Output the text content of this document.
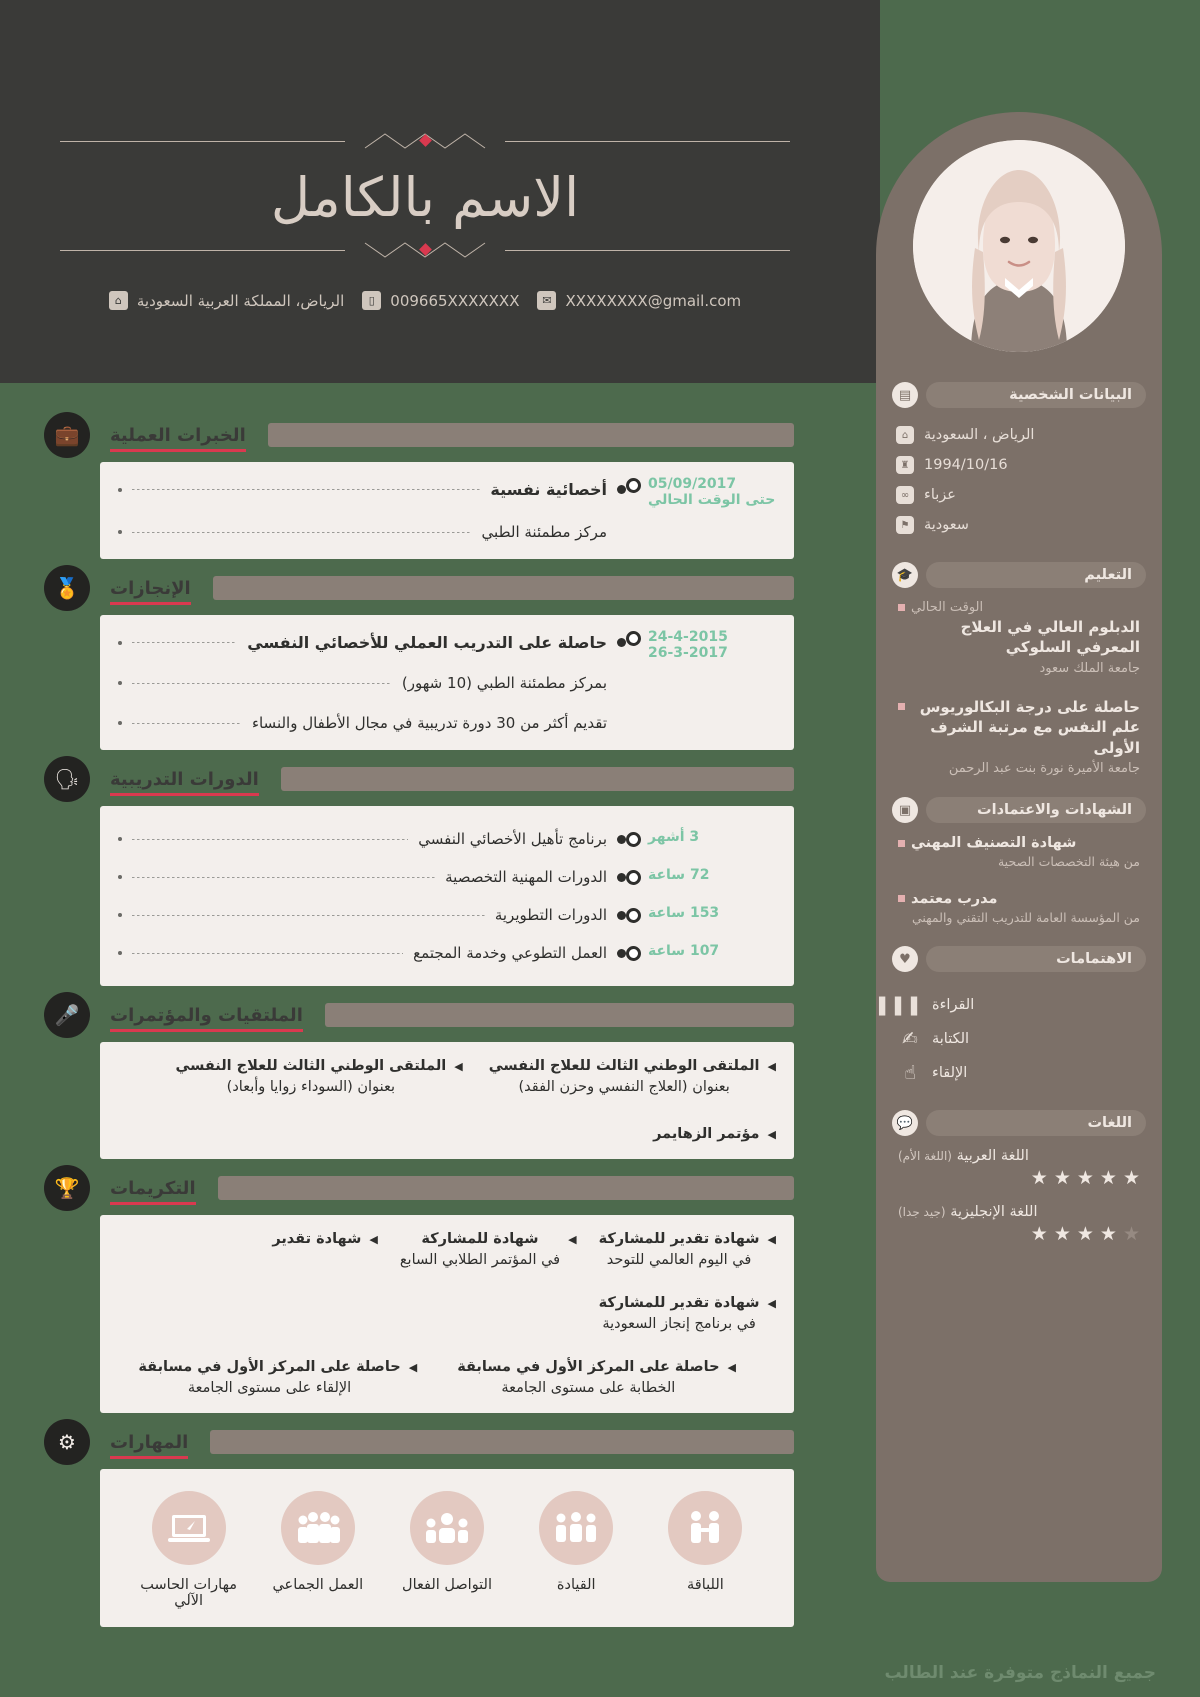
الاسم بالكامل
XXXXXXXX@gmail.com
✉
009665XXXXXXX
▯
الرياض، المملكة العربية السعودية
⌂
البيانات الشخصية
▤
الرياض ، السعودية
⌂
1994/10/16
♜
عزباء
∞
سعودية
⚑
التعليم
🎓
الوقت الحالي
الدبلوم العالي في العلاج المعرفي السلوكي
جامعة الملك سعود
حاصلة على درجة البكالوريوس علم النفس مع مرتبة الشرف الأولى
جامعة الأميرة نورة بنت عبد الرحمن
الشهادات والاعتمادات
▣
شهادة التصنيف المهني
من هيئة التخصصات الصحية
مدرب معتمد
من المؤسسة العامة للتدريب التقني والمهني
الاهتمامات
♥
القراءة
❚❚❚
الكتابة
✍
الإلقاء
☝
اللغات
💬
اللغة العربية (اللغة الأم)
★
★
★
★
★
اللغة الإنجليزية (جيد جدا)
★
★
★
★
★
الخبرات العملية
💼
05/09/2017
حتى الوقت الحالي
أخصائية نفسية
مركز مطمئنة الطبي
الإنجازات
🏅
24-4-2015
26-3-2017
حاصلة على التدريب العملي للأخصائي النفسي
بمركز مطمئنة الطبي (10 شهور)
تقديم أكثر من 30 دورة تدريبية في مجال الأطفال والنساء
الدورات التدريبية
🗣
3 أشهر
برنامج تأهيل الأخصائي النفسي
72 ساعة
الدورات المهنية التخصصية
153 ساعة
الدورات التطويرية
107 ساعة
العمل التطوعي وخدمة المجتمع
الملتقيات والمؤتمرات
🎤
◀
الملتقى الوطني الثالث للعلاج النفسي
بعنوان (العلاج النفسي وحزن الفقد)
◀
الملتقى الوطني الثالث للعلاج النفسي
بعنوان (السوداء زوايا وأبعاد)
◀
مؤتمر الزهايمر
التكريمات
🏆
◀
شهادة تقدير للمشاركة
في اليوم العالمي للتوحد
◀
شهادة للمشاركة
في المؤتمر الطلابي السابع
◀
شهادة تقدير
◀
شهادة تقدير للمشاركة
في برنامج إنجاز السعودية
◀
حاصلة على المركز الأول في مسابقة
الخطابة على مستوى الجامعة
◀
حاصلة على المركز الأول في مسابقة
الإلقاء على مستوى الجامعة
المهارات
⚙
اللباقة
القيادة
التواصل الفعال
العمل الجماعي
مهارات الحاسب الآلي
جميع النماذج متوفرة عند الطالب
